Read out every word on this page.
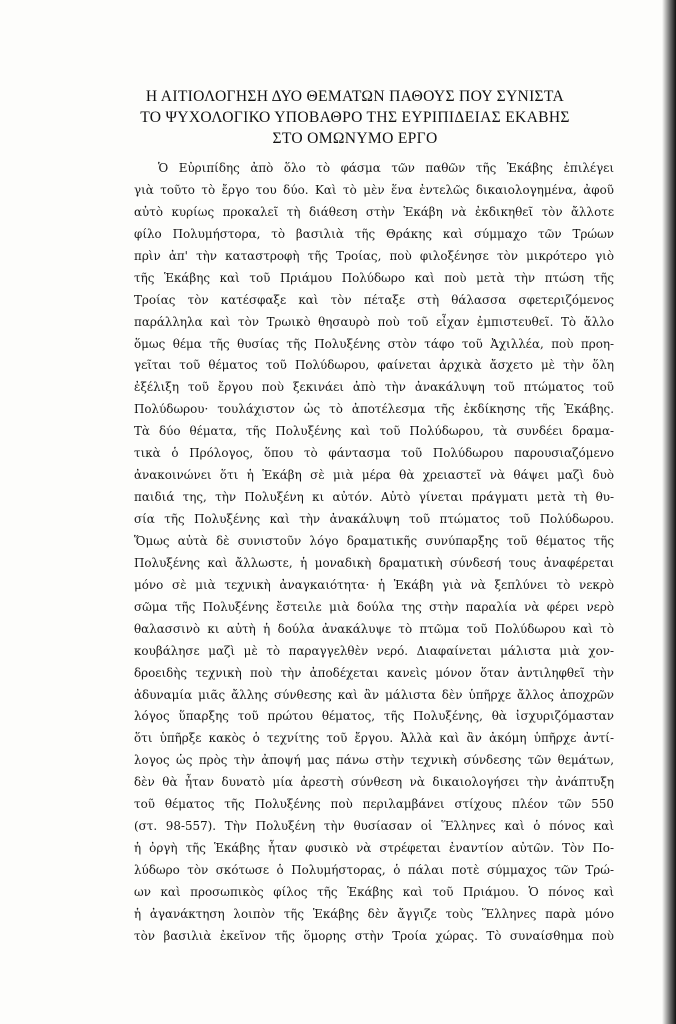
Η ΑΙΤΙΟΛΟΓΗΣΗ ΔΥΟ ΘΕΜΑΤΩΝ ΠΑΘΟΥΣ ΠΟΥ ΣΥΝΙΣΤΑ
ΤΟ ΨΥΧΟΛΟΓΙΚΟ ΥΠΟΒΑΘΡΟ ΤΗΣ ΕΥΡΙΠΙΔΕΙΑΣ ΕΚΑΒΗΣ
ΣΤΟ ΟΜΩΝΥΜΟ ΕΡΓΟ
Ὁ Εὐριπίδης ἀπὸ ὅλο τὸ φάσμα τῶν παθῶν τῆς Ἑκάβης ἐπιλέγει
γιὰ τοῦτο τὸ ἔργο του δύο. Καὶ τὸ μὲν ἕνα ἐντελῶς δικαιολογημένα, ἀφοῦ
αὐτὸ κυρίως προκαλεῖ τὴ διάθεση στὴν Ἑκάβη νὰ ἐκδικηθεῖ τὸν ἄλλοτε
φίλο Πολυμήστορα, τὸ βασιλιὰ τῆς Θράκης καὶ σύμμαχο τῶν Τρώων
πρὶν ἀπ' τὴν καταστροφὴ τῆς Τροίας, ποὺ φιλοξένησε τὸν μικρότερο γιὸ
τῆς Ἑκάβης καὶ τοῦ Πριάμου Πολύδωρο καὶ ποὺ μετὰ τὴν πτώση τῆς
Τροίας τὸν κατέσφαξε καὶ τὸν πέταξε στὴ θάλασσα σφετεριζόμενος
παράλληλα καὶ τὸν Τρωικὸ θησαυρὸ ποὺ τοῦ εἶχαν ἐμπιστευθεῖ. Τὸ ἄλλο
ὅμως θέμα τῆς θυσίας τῆς Πολυξένης στὸν τάφο τοῦ Ἀχιλλέα, ποὺ προη-
γεῖται τοῦ θέματος τοῦ Πολύδωρου, φαίνεται ἀρχικὰ ἄσχετο μὲ τὴν ὅλη
ἐξέλιξη τοῦ ἔργου ποὺ ξεκινάει ἀπὸ τὴν ἀνακάλυψη τοῦ πτώματος τοῦ
Πολύδωρου· τουλάχιστον ὡς τὸ ἀποτέλεσμα τῆς ἐκδίκησης τῆς Ἑκάβης.
Τὰ δύο θέματα, τῆς Πολυξένης καὶ τοῦ Πολύδωρου, τὰ συνδέει δραμα-
τικὰ ὁ Πρόλογος, ὅπου τὸ φάντασμα τοῦ Πολύδωρου παρουσιαζόμενο
ἀνακοινώνει ὅτι ἡ Ἑκάβη σὲ μιὰ μέρα θὰ χρειαστεῖ νὰ θάψει μαζὶ δυὸ
παιδιά της, τὴν Πολυξένη κι αὐτόν. Αὐτὸ γίνεται πράγματι μετὰ τὴ θυ-
σία τῆς Πολυξένης καὶ τὴν ἀνακάλυψη τοῦ πτώματος τοῦ Πολύδωρου.
Ὅμως αὐτὰ δὲ συνιστοῦν λόγο δραματικῆς συνύπαρξης τοῦ θέματος τῆς
Πολυξένης καὶ ἄλλωστε, ἡ μοναδικὴ δραματικὴ σύνδεσή τους ἀναφέρεται
μόνο σὲ μιὰ τεχνικὴ ἀναγκαιότητα· ἡ Ἑκάβη γιὰ νὰ ξεπλύνει τὸ νεκρὸ
σῶμα τῆς Πολυξένης ἔστειλε μιὰ δούλα της στὴν παραλία νὰ φέρει νερὸ
θαλασσινὸ κι αὐτὴ ἡ δούλα ἀνακάλυψε τὸ πτῶμα τοῦ Πολύδωρου καὶ τὸ
κουβάλησε μαζὶ μὲ τὸ παραγγελθὲν νερό. Διαφαίνεται μάλιστα μιὰ χον-
δροειδὴς τεχνικὴ ποὺ τὴν ἀποδέχεται κανεὶς μόνον ὅταν ἀντιληφθεῖ τὴν
ἀδυναμία μιᾶς ἄλλης σύνθεσης καὶ ἂν μάλιστα δὲν ὑπῆρχε ἄλλος ἀποχρῶν
λόγος ὕπαρξης τοῦ πρώτου θέματος, τῆς Πολυξένης, θὰ ἰσχυριζόμασταν
ὅτι ὑπῆρξε κακὸς ὁ τεχνίτης τοῦ ἔργου. Ἀλλὰ καὶ ἂν ἀκόμη ὑπῆρχε ἀντί-
λογος ὡς πρὸς τὴν ἀποψή μας πάνω στὴν τεχνικὴ σύνδεσης τῶν θεμάτων,
δὲν θὰ ἦταν δυνατὸ μία ἀρεστὴ σύνθεση νὰ δικαιολογήσει τὴν ἀνάπτυξη
τοῦ θέματος τῆς Πολυξένης ποὺ περιλαμβάνει στίχους πλέον τῶν 550
(στ. 98-557). Τὴν Πολυξένη τὴν θυσίασαν οἱ Ἕλληνες καὶ ὁ πόνος καὶ
ἡ ὀργὴ τῆς Ἑκάβης ἦταν φυσικὸ νὰ στρέφεται ἐναντίον αὐτῶν. Τὸν Πο-
λύδωρο τὸν σκότωσε ὁ Πολυμήστορας, ὁ πάλαι ποτὲ σύμμαχος τῶν Τρώ-
ων καὶ προσωπικὸς φίλος τῆς Ἑκάβης καὶ τοῦ Πριάμου. Ὁ πόνος καὶ
ἡ ἀγανάκτηση λοιπὸν τῆς Ἑκάβης δὲν ἄγγιζε τοὺς Ἕλληνες παρὰ μόνο
τὸν βασιλιὰ ἐκεῖνον τῆς ὅμορης στὴν Τροία χώρας. Τὸ συναίσθημα ποὺ
